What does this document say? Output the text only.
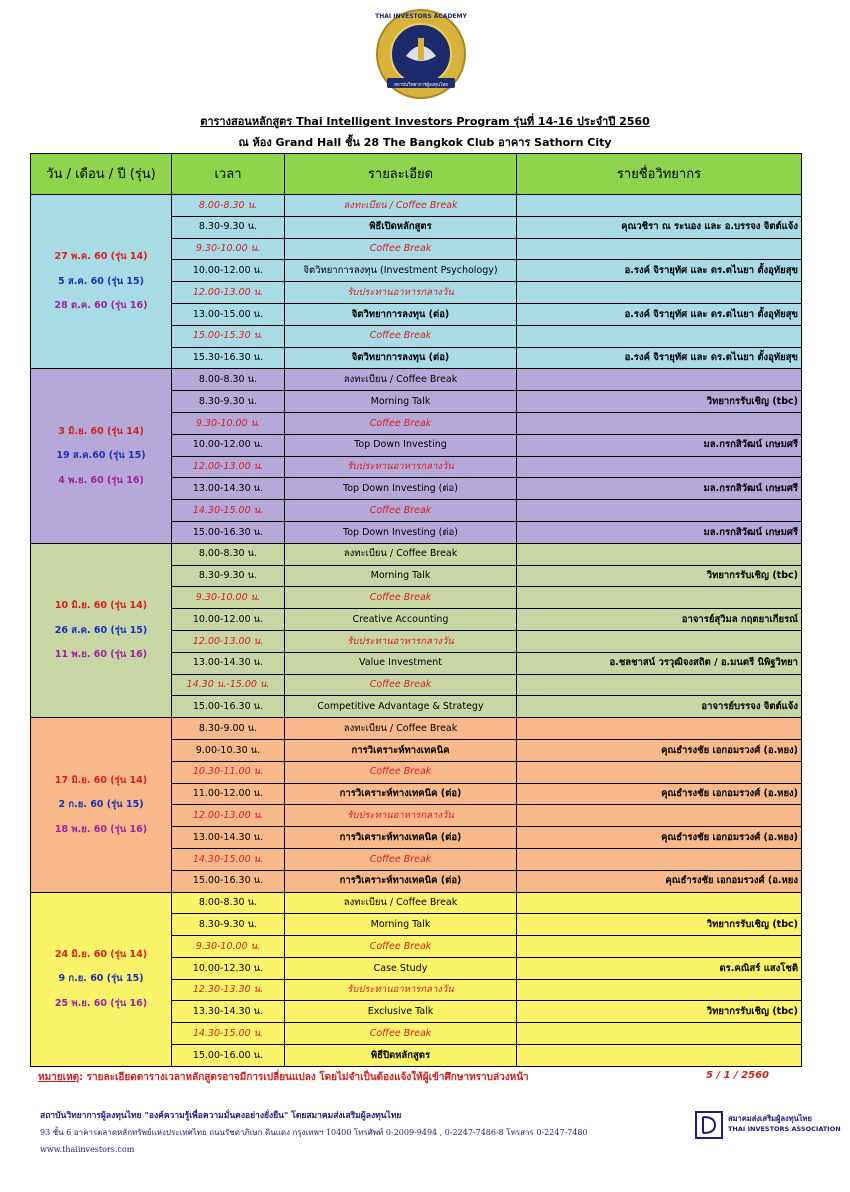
THAI INVESTORS ACADEMY
สถาบันวิทยาการผู้ลงทุนไทย
ตารางสอนหลักสูตร Thai Intelligent Investors Program รุ่นที่ 14-16 ประจำปี 2560
ณ ห้อง Grand Hall ชั้น 28 The Bangkok Club อาคาร Sathorn City
วัน / เดือน / ปี (รุ่น)	เวลา	รายละเอียด	รายชื่อวิทยากร

27 พ.ค. 60 (รุ่น 14)
5 ส.ค. 60 (รุ่น 15)
28 ต.ค. 60 (รุ่น 16)	8.00-8.30 น.	ลงทะเบียน / Coffee Break	
	8.30-9.30 น.	พิธีเปิดหลักสูตร	คุณวชิรา ณ ระนอง และ อ.บรรจง จิตต์แจ้ง
	9.30-10.00 น.	Coffee Break	
	10.00-12.00 น.	จิตวิทยาการลงทุน (Investment Psychology)	อ.รงค์ จิรายุทัศ และ ดร.ตไนยา ตั้งอุทัยสุข
	12.00-13.00 น.	รับประทานอาหารกลางวัน	
	13.00-15.00 น.	จิตวิทยาการลงทุน (ต่อ)	อ.รงค์ จิรายุทัศ และ ดร.ตไนยา ตั้งอุทัยสุข
	15.00-15.30 น.	Coffee Break	
	15.30-16.30 น.	จิตวิทยาการลงทุน (ต่อ)	อ.รงค์ จิรายุทัศ และ ดร.ตไนยา ตั้งอุทัยสุข

3 มิ.ย. 60 (รุ่น 14)
19 ส.ค.60 (รุ่น 15)
4 พ.ย. 60 (รุ่น 16)	8.00-8.30 น.	ลงทะเบียน / Coffee Break	
	8.30-9.30 น.	Morning Talk	วิทยากรรับเชิญ (tbc)
	9.30-10.00 น.	Coffee Break	
	10.00-12.00 น.	Top Down Investing	มล.กรกสิวัฒน์ เกษมศรี
	12.00-13.00 น.	รับประทานอาหารกลางวัน	
	13.00-14.30 น.	Top Down Investing (ต่อ)	มล.กรกสิวัฒน์ เกษมศรี
	14.30-15.00 น.	Coffee Break	
	15.00-16.30 น.	Top Down Investing (ต่อ)	มล.กรกสิวัฒน์ เกษมศรี

10 มิ.ย. 60 (รุ่น 14)
26 ส.ค. 60 (รุ่น 15)
11 พ.ย. 60 (รุ่น 16)	8.00-8.30 น.	ลงทะเบียน / Coffee Break	
	8.30-9.30 น.	Morning Talk	วิทยากรรับเชิญ (tbc)
	9.30-10.00 น.	Coffee Break	
	10.00-12.00 น.	Creative Accounting	อาจารย์สุวิมล กฤตยาเกียรณ์
	12.00-13.00 น.	รับประทานอาหารกลางวัน	
	13.00-14.30 น.	Value Investment	อ.ชลชาสน์ วรวุฒิจงสถิต / อ.มนตรี นิพิฐวิทยา
	14.30 น.-15.00 น.	Coffee Break	
	15.00-16.30 น.	Competitive Advantage & Strategy	อาจารย์บรรจง จิตต์แจ้ง

17 มิ.ย. 60 (รุ่น 14)
2 ก.ย. 60 (รุ่น 15)
18 พ.ย. 60 (รุ่น 16)	8.30-9.00 น.	ลงทะเบียน / Coffee Break	
	9.00-10.30 น.	การวิเคราะห์ทางเทคนิค	คุณธำรงชัย เอกอมรวงศ์ (อ.หยง)
	10.30-11.00 น.	Coffee Break	
	11.00-12.00 น.	การวิเคราะห์ทางเทคนิค (ต่อ)	คุณธำรงชัย เอกอมรวงศ์ (อ.หยง)
	12.00-13.00 น.	รับประทานอาหารกลางวัน	
	13.00-14.30 น.	การวิเคราะห์ทางเทคนิค (ต่อ)	คุณธำรงชัย เอกอมรวงศ์ (อ.หยง)
	14.30-15.00 น.	Coffee Break	
	15.00-16.30 น.	การวิเคราะห์ทางเทคนิค (ต่อ)	คุณธำรงชัย เอกอมรวงศ์ (อ.หยง

24 มิ.ย. 60 (รุ่น 14)
9 ก.ย. 60 (รุ่น 15)
25 พ.ย. 60 (รุ่น 16)	8.00-8.30 น.	ลงทะเบียน / Coffee Break	
	8.30-9.30 น.	Morning Talk	วิทยากรรับเชิญ (tbc)
	9.30-10.00 น.	Coffee Break	
	10.00-12.30 น.	Case Study	ดร.คณิสร์ แสงโชติ
	12.30-13.30 น.	รับประทานอาหารกลางวัน	
	13.30-14.30 น.	Exclusive Talk	วิทยากรรับเชิญ (tbc)
	14.30-15.00 น.	Coffee Break	
	15.00-16.00 น.	พิธีปิดหลักสูตร	
หมายเหตุ: รายละเอียดตารางเวลาหลักสูตรอาจมีการเปลี่ยนแปลง โดยไม่จำเป็นต้องแจ้งให้ผู้เข้าศึกษาทราบล่วงหน้า	5 / 1 / 2560
สถาบันวิทยาการผู้ลงทุนไทย "องค์ความรู้เพื่อความมั่นคงอย่างยั่งยืน" โดยสมาคมส่งเสริมผู้ลงทุนไทย
93 ชั้น 6 อาคารตลาดหลักทรัพย์แห่งประเทศไทย ถนนรัชดาภิเษก ดินแดง กรุงเทพฯ 10400 โทรศัพท์ 0-2009-9494 , 0-2247-7486-8 โทรสาร 0-2247-7480
www.thaiinvestors.com
สมาคมส่งเสริมผู้ลงทุนไทย
THAI INVESTORS ASSOCIATION
